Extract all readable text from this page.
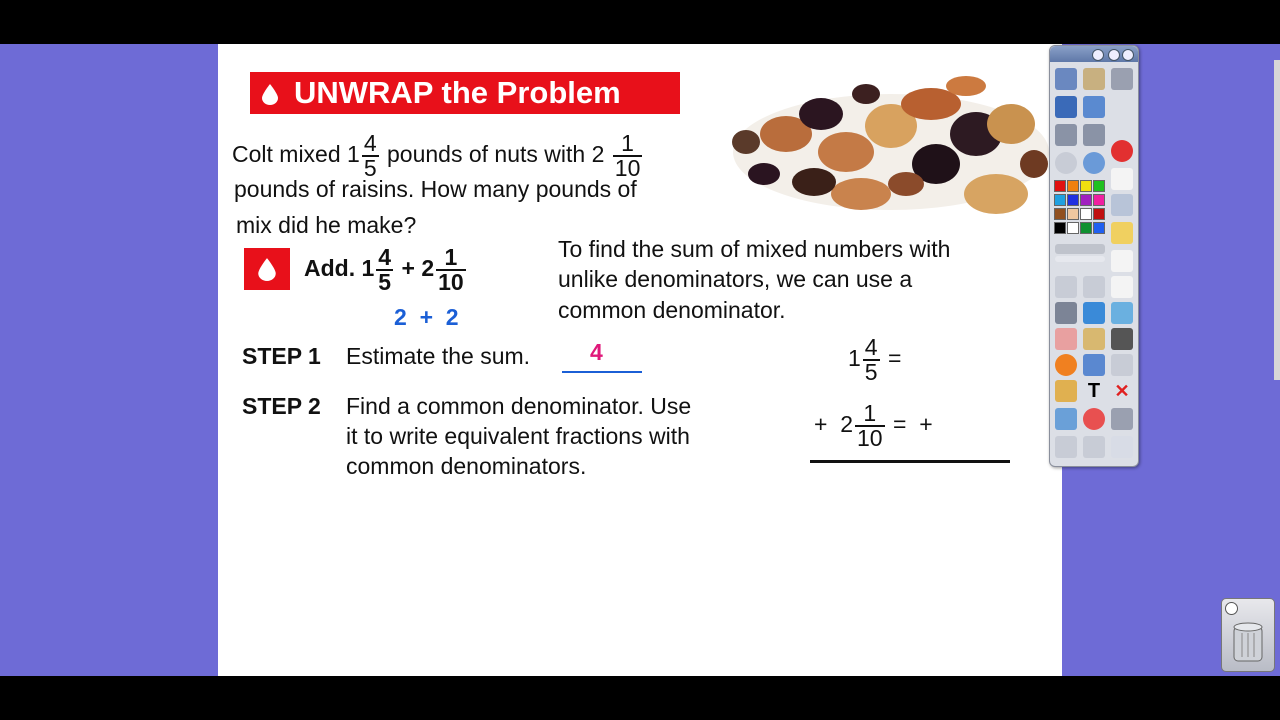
UNWRAP the Problem
Colt mixed $1 \frac{4}{5}$ pounds of nuts with $2 \frac{1}{10}$
pounds of raisins. How many pounds of
mix did he make?
Add. $1 \frac{4}{5} + 2 \frac{1}{10}$
2 + 2
To find the sum of mixed numbers with
unlike denominators, we can use a
common denominator.
STEP 1 Estimate the sum.	4
STEP 2 Find a common denominator. Use
it to write equivalent fractions with
common denominators.
$1 \frac{4}{5}$ =
+ $2 \frac{1}{10}$ = +
T ✕
